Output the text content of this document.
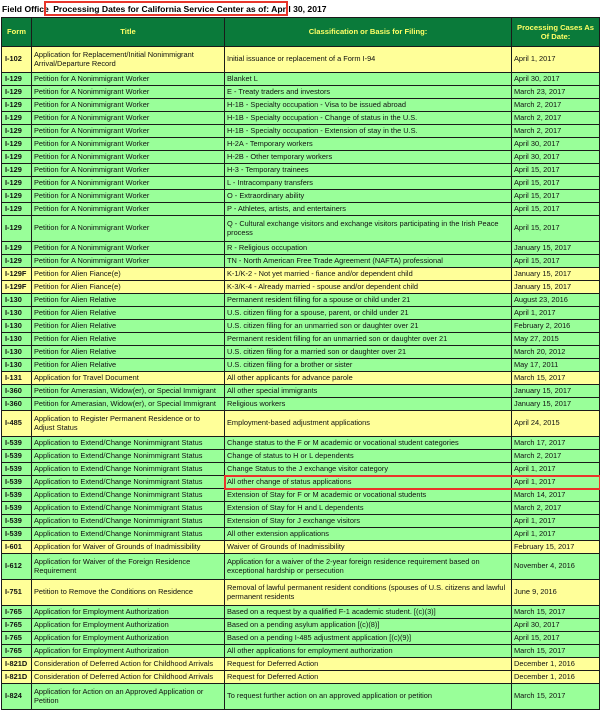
Field Office Processing Dates for California Service Center as of: April 30, 2017
Form	Title	Classification or Basis for Filing:	Processing Cases As Of Date:
I-102	Application for Replacement/Initial Nonimmigrant Arrival/Departure Record	Initial issuance or replacement of a Form I-94	April 1, 2017
I-129	Petition for A Nonimmigrant Worker	Blanket L	April 30, 2017
I-129	Petition for A Nonimmigrant Worker	E - Treaty traders and investors	March 23, 2017
I-129	Petition for A Nonimmigrant Worker	H-1B - Specialty occupation - Visa to be issued abroad	March 2, 2017
I-129	Petition for A Nonimmigrant Worker	H-1B - Specialty occupation - Change of status in the U.S.	March 2, 2017
I-129	Petition for A Nonimmigrant Worker	H-1B - Specialty occupation - Extension of stay in the U.S.	March 2, 2017
I-129	Petition for A Nonimmigrant Worker	H-2A - Temporary workers	April 30, 2017
I-129	Petition for A Nonimmigrant Worker	H-2B - Other temporary workers	April 30, 2017
I-129	Petition for A Nonimmigrant Worker	H-3 - Temporary trainees	April 15, 2017
I-129	Petition for A Nonimmigrant Worker	L - Intracompany transfers	April 15, 2017
I-129	Petition for A Nonimmigrant Worker	O - Extraordinary ability	April 15, 2017
I-129	Petition for A Nonimmigrant Worker	P - Athletes, artists, and entertainers	April 15, 2017
I-129	Petition for A Nonimmigrant Worker	Q - Cultural exchange visitors and exchange visitors participating in the Irish Peace process	April 15, 2017
I-129	Petition for A Nonimmigrant Worker	R - Religious occupation	January 15, 2017
I-129	Petition for A Nonimmigrant Worker	TN - North American Free Trade Agreement (NAFTA) professional	April 15, 2017
I-129F	Petition for Alien Fiance(e)	K-1/K-2 - Not yet married - fiance and/or dependent child	January 15, 2017
I-129F	Petition for Alien Fiance(e)	K-3/K-4 - Already married - spouse and/or dependent child	January 15, 2017
I-130	Petition for Alien Relative	Permanent resident filling for a spouse or child under 21	August 23, 2016
I-130	Petition for Alien Relative	U.S. citizen filing for a spouse, parent, or child under 21	April 1, 2017
I-130	Petition for Alien Relative	U.S. citizen filing for an unmarried son or daughter over 21	February 2, 2016
I-130	Petition for Alien Relative	Permanent resident filling for an unmarried son or daughter over 21	May 27, 2015
I-130	Petition for Alien Relative	U.S. citizen filing for a married son or daughter over 21	March 20, 2012
I-130	Petition for Alien Relative	U.S. citizen filing for a brother or sister	May 17, 2011
I-131	Application for Travel Document	All other applicants for advance parole	March 15, 2017
I-360	Petition for Amerasian, Widow(er), or Special Immigrant	All other special immigrants	January 15, 2017
I-360	Petition for Amerasian, Widow(er), or Special Immigrant	Religious workers	January 15, 2017
I-485	Application to Register Permanent Residence or to Adjust Status	Employment-based adjustment applications	April 24, 2015
I-539	Application to Extend/Change Nonimmigrant Status	Change status to the F or M academic or vocational student categories	March 17, 2017
I-539	Application to Extend/Change Nonimmigrant Status	Change of status to H or L dependents	March 2, 2017
I-539	Application to Extend/Change Nonimmigrant Status	Change Status to the J exchange visitor category	April 1, 2017
I-539	Application to Extend/Change Nonimmigrant Status	All other change of status applications	April 1, 2017
I-539	Application to Extend/Change Nonimmigrant Status	Extension of Stay for F or M academic or vocational students	March 14, 2017
I-539	Application to Extend/Change Nonimmigrant Status	Extension of Stay for H and L dependents	March 2, 2017
I-539	Application to Extend/Change Nonimmigrant Status	Extension of Stay for J exchange visitors	April 1, 2017
I-539	Application to Extend/Change Nonimmigrant Status	All other extension applications	April 1, 2017
I-601	Application for Waiver of Grounds of Inadmissibility	Waiver of Grounds of Inadmissibility	February 15, 2017
I-612	Application for Waiver of the Foreign Residence Requirement	Application for a waiver of the 2-year foreign residence requirement based on exceptional hardship or persecution	November 4, 2016
I-751	Petition to Remove the Conditions on Residence	Removal of lawful permanent resident conditions (spouses of U.S. citizens and lawful permanent residents	June 9, 2016
I-765	Application for Employment Authorization	Based on a request by a qualified F-1 academic student. [(c)(3)]	March 15, 2017
I-765	Application for Employment Authorization	Based on a pending asylum application [(c)(8)]	April 30, 2017
I-765	Application for Employment Authorization	Based on a pending I-485 adjustment application [(c)(9)]	April 15, 2017
I-765	Application for Employment Authorization	All other applications for employment authorization	March 15, 2017
I-821D	Consideration of Deferred Action for Childhood Arrivals	Request for Deferred Action	December 1, 2016
I-821D	Consideration of Deferred Action for Childhood Arrivals	Request for Deferred Action	December 1, 2016
I-824	Application for Action on an Approved Application or Petition	To request further action on an approved application or petition	March 15, 2017
